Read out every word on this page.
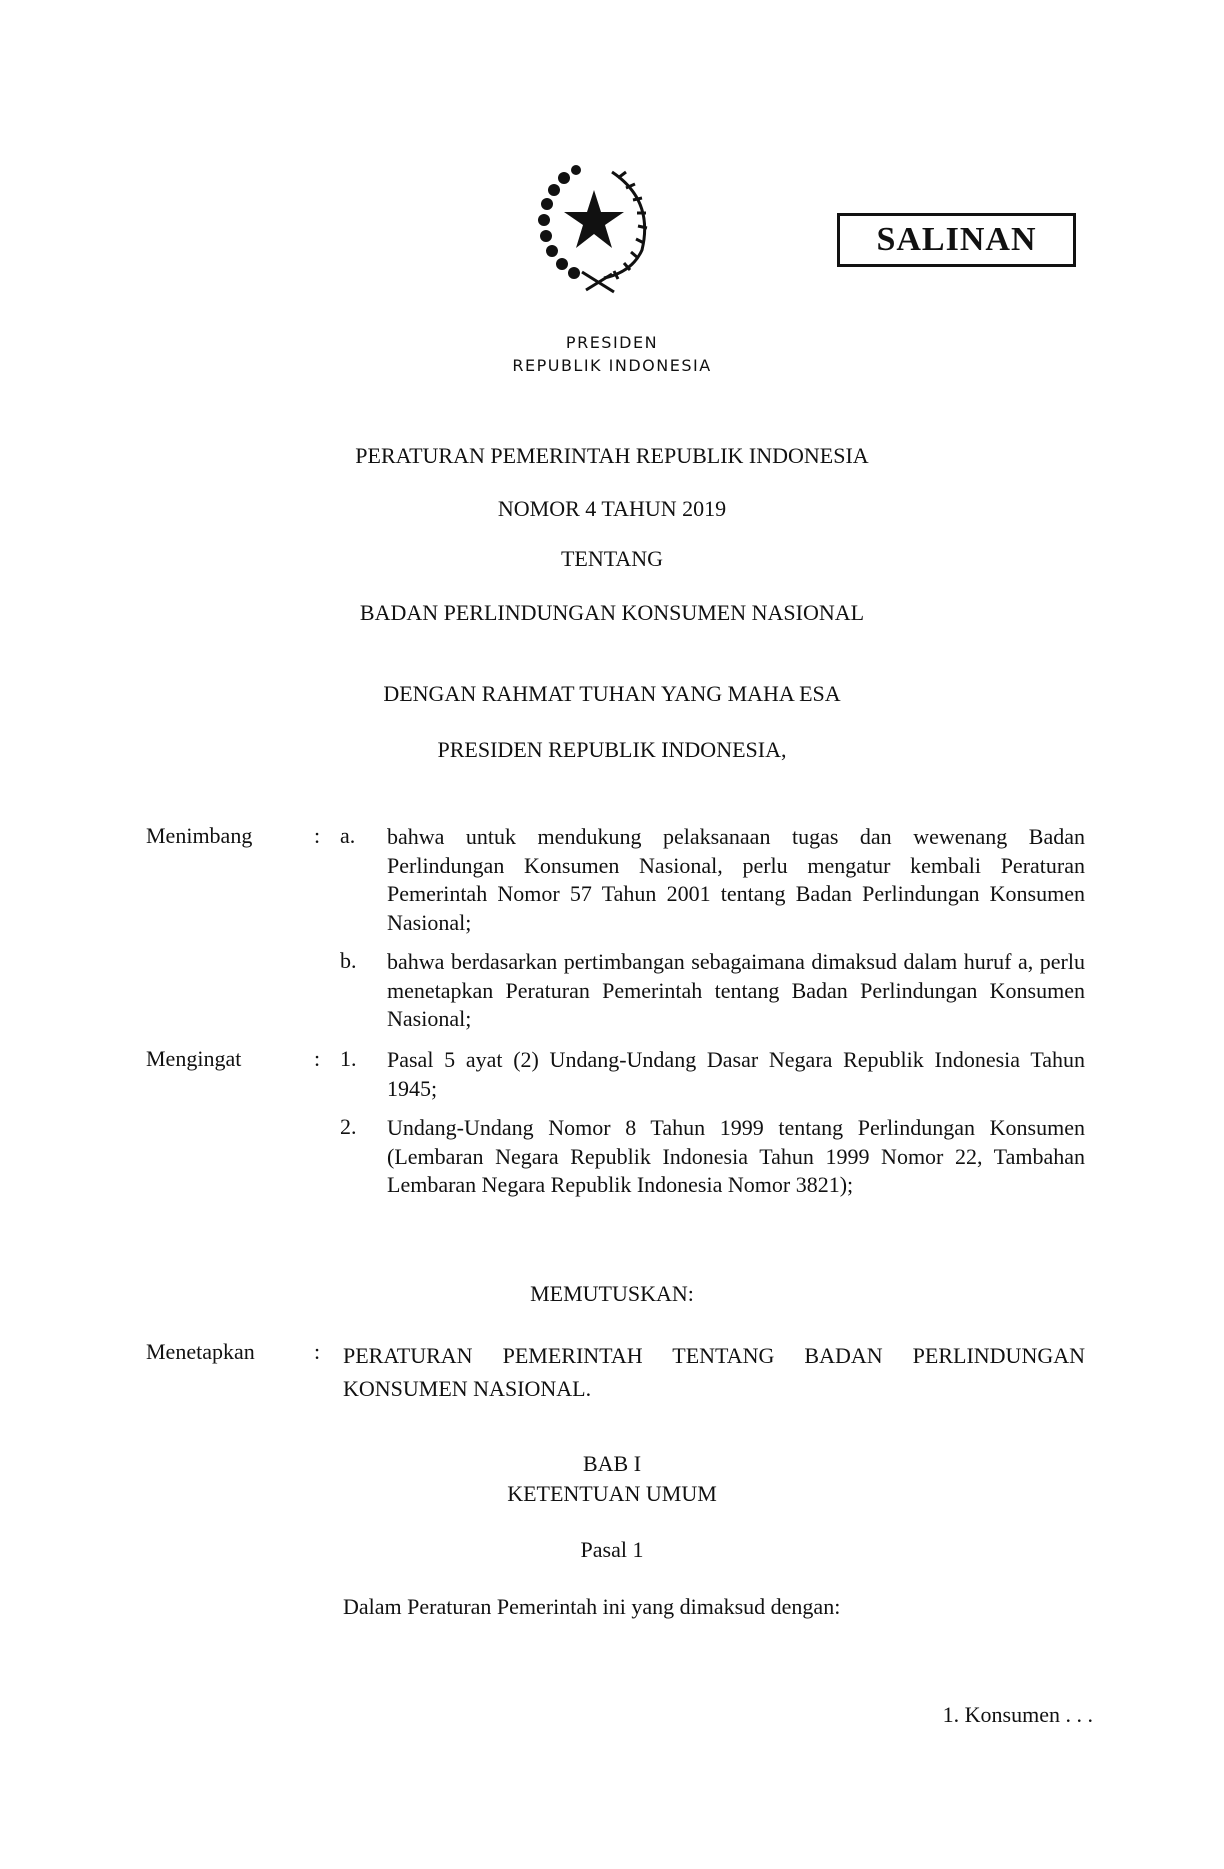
SALINAN
PRESIDEN
REPUBLIK INDONESIA
PERATURAN PEMERINTAH REPUBLIK INDONESIA
NOMOR 4 TAHUN 2019
TENTANG
BADAN PERLINDUNGAN KONSUMEN NASIONAL
DENGAN RAHMAT TUHAN YANG MAHA ESA
PRESIDEN REPUBLIK INDONESIA,
Menimbang	: a. bahwa untuk mendukung pelaksanaan tugas dan wewenang Badan Perlindungan Konsumen Nasional, perlu mengatur kembali Peraturan Pemerintah Nomor 57 Tahun 2001 tentang Badan Perlindungan Konsumen Nasional;
b. bahwa berdasarkan pertimbangan sebagaimana dimaksud dalam huruf a, perlu menetapkan Peraturan Pemerintah tentang Badan Perlindungan Konsumen Nasional;
Mengingat	: 1. Pasal 5 ayat (2) Undang-Undang Dasar Negara Republik Indonesia Tahun 1945;
2. Undang-Undang Nomor 8 Tahun 1999 tentang Perlindungan Konsumen (Lembaran Negara Republik Indonesia Tahun 1999 Nomor 22, Tambahan Lembaran Negara Republik Indonesia Nomor 3821);
MEMUTUSKAN:
Menetapkan	: PERATURAN PEMERINTAH TENTANG BADAN PERLINDUNGAN KONSUMEN NASIONAL.
BAB I
KETENTUAN UMUM
Pasal 1
Dalam Peraturan Pemerintah ini yang dimaksud dengan:
1. Konsumen . . .
